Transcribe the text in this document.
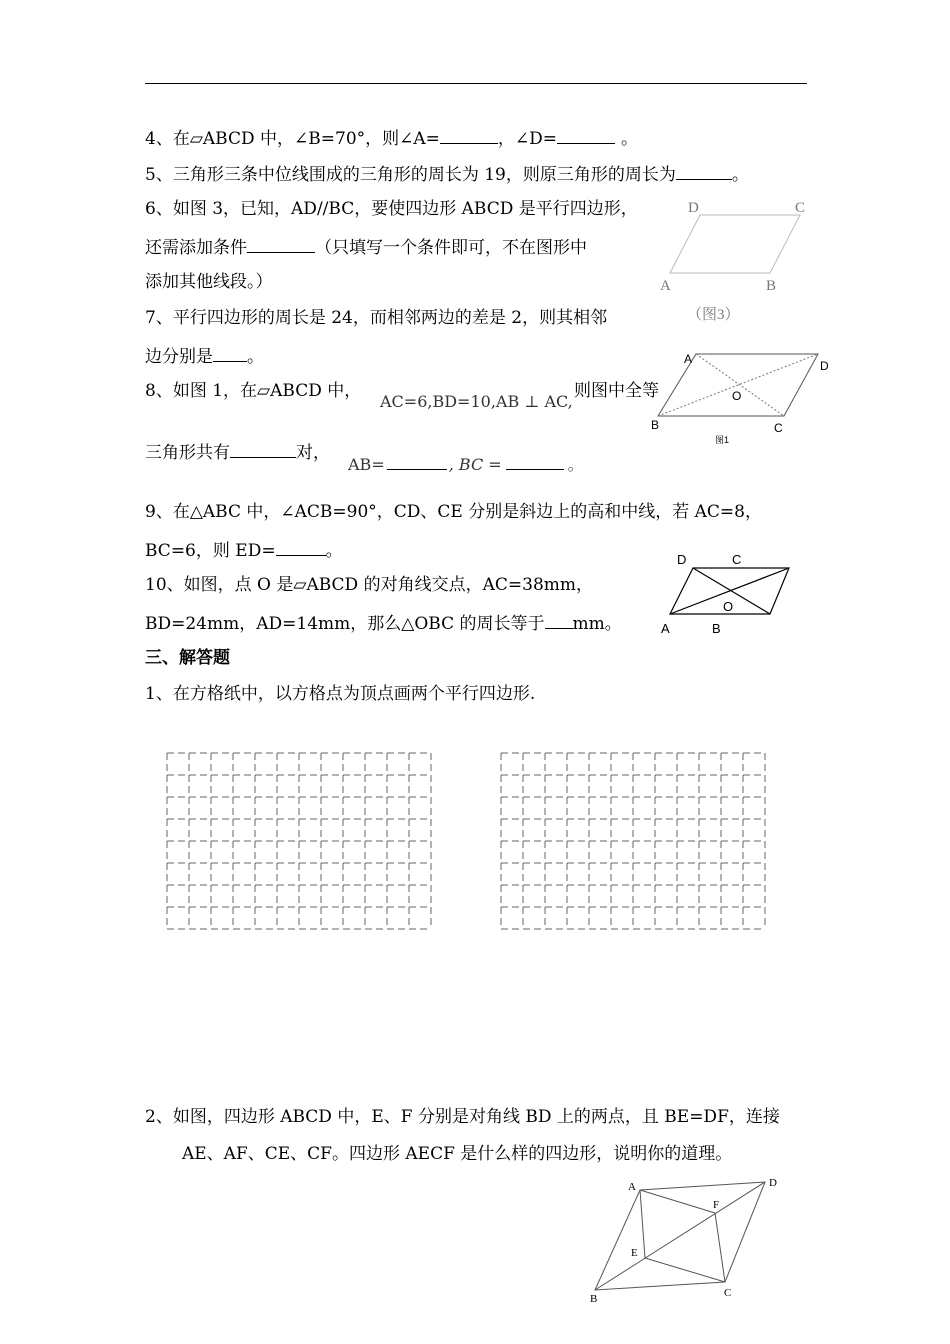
4、在▱ABCD 中，∠B=70°，则∠A=	，∠D=	。
5、三角形三条中位线围成的三角形的周长为 19，则原三角形的周长为	。
6、如图 3，已知，AD//BC，要使四边形 ABCD 是平行四边形，
还需添加条件	（只填写一个条件即可，不在图形中
添加其他线段。）
D	C
A	B
（图3）
7、平行四边形的周长是 24，而相邻两边的差是 2，则其相邻
边分别是 。	A	D
O
B	C
图1
8、如图 1，在▱ABCD 中，
AC=6,BD=10,AB ⊥ AC,
则图中全等
三角形共有	对，
AB=	, BC =	。
9、在△ABC 中，∠ACB=90°，CD、CE 分别是斜边上的高和中线，若 AC=8，
BC=6，则 ED=	。	D	C
O
A	B
10、如图，点 O 是▱ABCD 的对角线交点，AC=38mm，
BD=24mm，AD=14mm，那么△OBC 的周长等于 mm。
三、解答题
1、在方格纸中，以方格点为顶点画两个平行四边形.
2、如图，四边形 ABCD 中，E、F 分别是对角线 BD 上的两点，且 BE=DF，连接
AE、AF、CE、CF。四边形 AECF 是什么样的四边形，说明你的道理。
A	D
F
E
C
B
